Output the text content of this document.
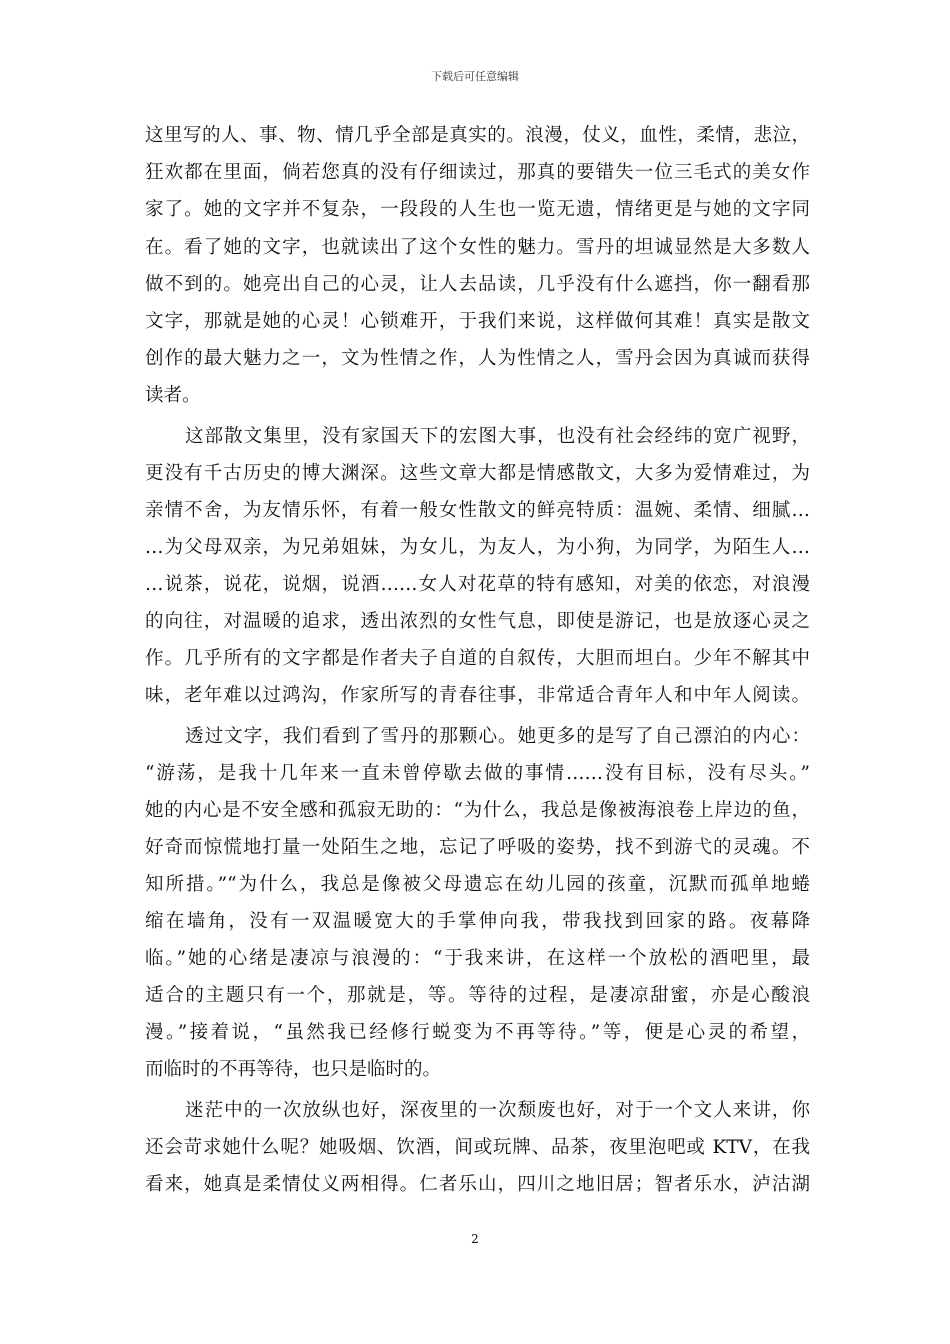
下载后可任意编辑
这里写的人、事、物、情几乎全部是真实的。浪漫，仗义，血性，柔情，悲泣，
狂欢都在里面，倘若您真的没有仔细读过，那真的要错失一位三毛式的美女作
家了。她的文字并不复杂，一段段的人生也一览无遗，情绪更是与她的文字同
在。看了她的文字，也就读出了这个女性的魅力。雪丹的坦诚显然是大多数人
做不到的。她亮出自己的心灵，让人去品读，几乎没有什么遮挡，你一翻看那
文字，那就是她的心灵！心锁难开，于我们来说，这样做何其难！真实是散文
创作的最大魅力之一，文为性情之作，人为性情之人，雪丹会因为真诚而获得
读者。
这部散文集里，没有家国天下的宏图大事，也没有社会经纬的宽广视野，
更没有千古历史的博大渊深。这些文章大都是情感散文，大多为爱情难过，为
亲情不舍，为友情乐怀，有着一般女性散文的鲜亮特质：温婉、柔情、细腻…
…为父母双亲，为兄弟姐妹，为女儿，为友人，为小狗，为同学，为陌生人…
…说茶，说花，说烟，说酒……女人对花草的特有感知，对美的依恋，对浪漫
的向往，对温暖的追求，透出浓烈的女性气息，即使是游记，也是放逐心灵之
作。几乎所有的文字都是作者夫子自道的自叙传，大胆而坦白。少年不解其中
味，老年难以过鸿沟，作家所写的青春往事，非常适合青年人和中年人阅读。
透过文字，我们看到了雪丹的那颗心。她更多的是写了自己漂泊的内心：
“游荡，是我十几年来一直未曾停歇去做的事情……没有目标，没有尽头。”
她的内心是不安全感和孤寂无助的：“为什么，我总是像被海浪卷上岸边的鱼，
好奇而惊慌地打量一处陌生之地，忘记了呼吸的姿势，找不到游弋的灵魂。不
知所措。”“为什么，我总是像被父母遗忘在幼儿园的孩童，沉默而孤单地蜷
缩在墙角，没有一双温暖宽大的手掌伸向我，带我找到回家的路。夜幕降
临。”她的心绪是凄凉与浪漫的：“于我来讲，在这样一个放松的酒吧里，最
适合的主题只有一个，那就是，等。等待的过程，是凄凉甜蜜，亦是心酸浪
漫。”接着说，“虽然我已经修行蜕变为不再等待。”等，便是心灵的希望，
而临时的不再等待，也只是临时的。
迷茫中的一次放纵也好，深夜里的一次颓废也好，对于一个文人来讲，你
还会苛求她什么呢？她吸烟、饮酒，间或玩牌、品茶，夜里泡吧或 KTV，在我
看来，她真是柔情仗义两相得。仁者乐山，四川之地旧居；智者乐水，泸沽湖
2
